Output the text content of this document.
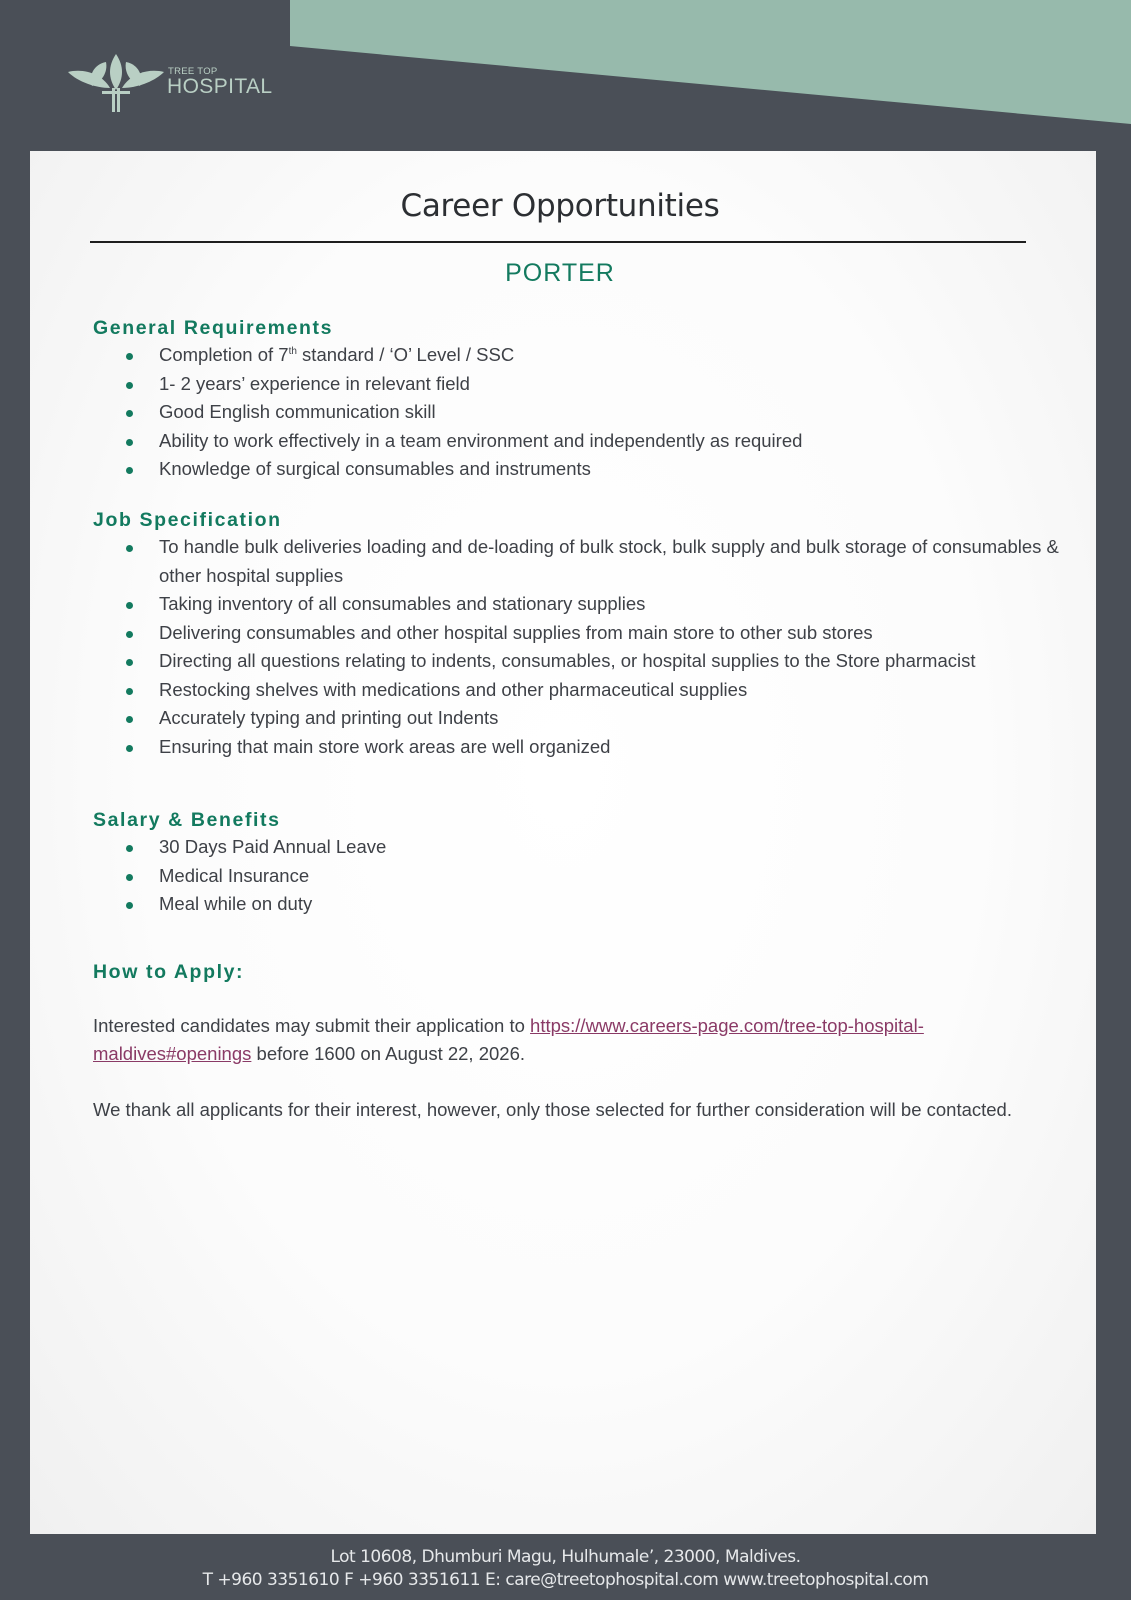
TREE TOP
HOSPITAL
Career Opportunities
PORTER
General Requirements
Completion of 7th standard / ‘O’ Level / SSC
1- 2 years’ experience in relevant field
Good English communication skill
Ability to work effectively in a team environment and independently as required
Knowledge of surgical consumables and instruments
Job Specification
To handle bulk deliveries loading and de-loading of bulk stock, bulk supply and bulk storage of consumables & other hospital supplies
Taking inventory of all consumables and stationary supplies
Delivering consumables and other hospital supplies from main store to other sub stores
Directing all questions relating to indents, consumables, or hospital supplies to the Store pharmacist
Restocking shelves with medications and other pharmaceutical supplies
Accurately typing and printing out Indents
Ensuring that main store work areas are well organized
Salary & Benefits
30 Days Paid Annual Leave
Medical Insurance
Meal while on duty
How to Apply:
Interested candidates may submit their application to https://www.careers-page.com/tree-top-hospital-maldives#openings before 1600 on August 22, 2026.
We thank all applicants for their interest, however, only those selected for further consideration will be contacted.
Lot 10608, Dhumburi Magu, Hulhumale’, 23000, Maldives.
T +960 3351610 F +960 3351611 E: care@treetophospital.com www.treetophospital.com
